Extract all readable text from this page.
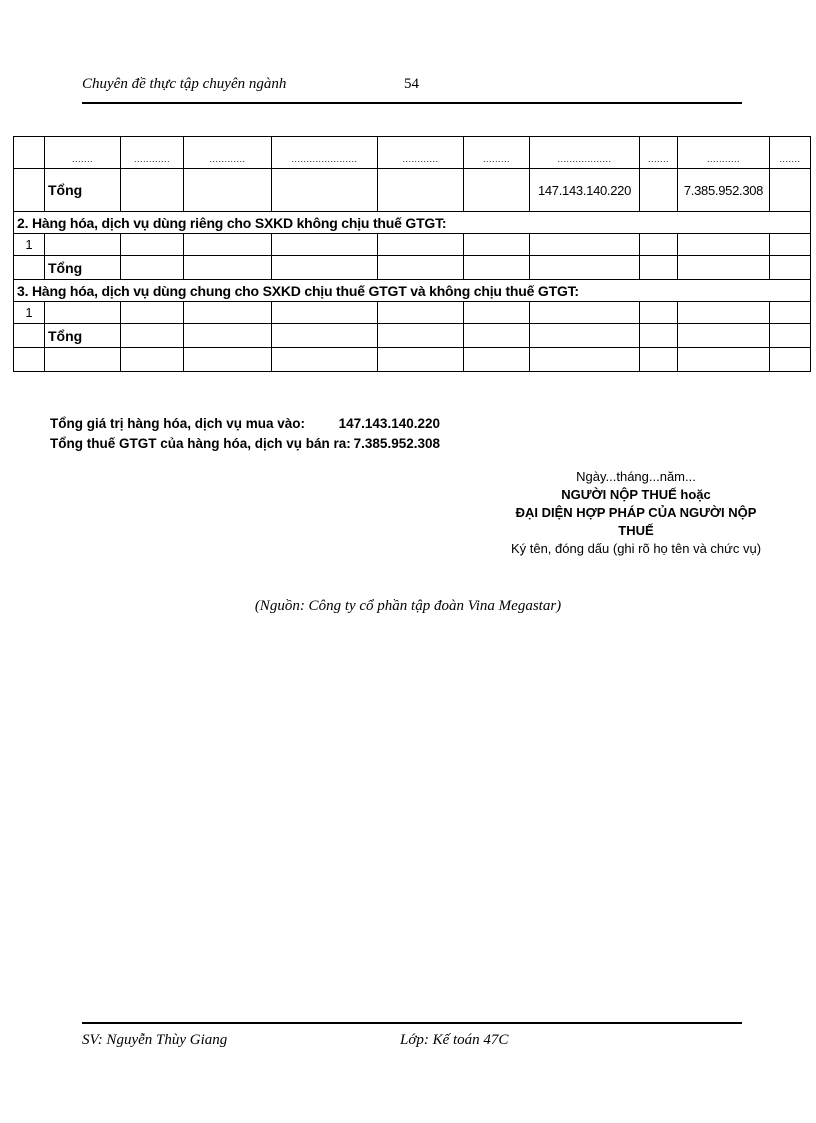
Chuyên đề thực tập chuyên ngành	54
	.......	............	............	......................	............	.........	..................	.......	...........	.......
	Tổng						147.143.140.220		7.385.952.308	
2. Hàng hóa, dịch vụ dùng riêng cho SXKD không chịu thuế GTGT:										
1										
	Tổng									
3. Hàng hóa, dịch vụ dùng chung cho SXKD chịu thuế GTGT và không chịu thuế GTGT:										
1										
	Tổng									

Tổng giá trị hàng hóa, dịch vụ mua vào: 147.143.140.220
Tổng thuế GTGT của hàng hóa, dịch vụ bán ra: 7.385.952.308
Ngày...tháng...năm...
NGƯỜI NỘP THUẾ hoặc
ĐẠI DIỆN HỢP PHÁP CỦA NGƯỜI NỘP THUẾ
Ký tên, đóng dấu (ghi rõ họ tên và chức vụ)
(Nguồn: Công ty cổ phần tập đoàn Vina Megastar)
SV: Nguyễn Thùy Giang	Lớp: Kế toán 47C
